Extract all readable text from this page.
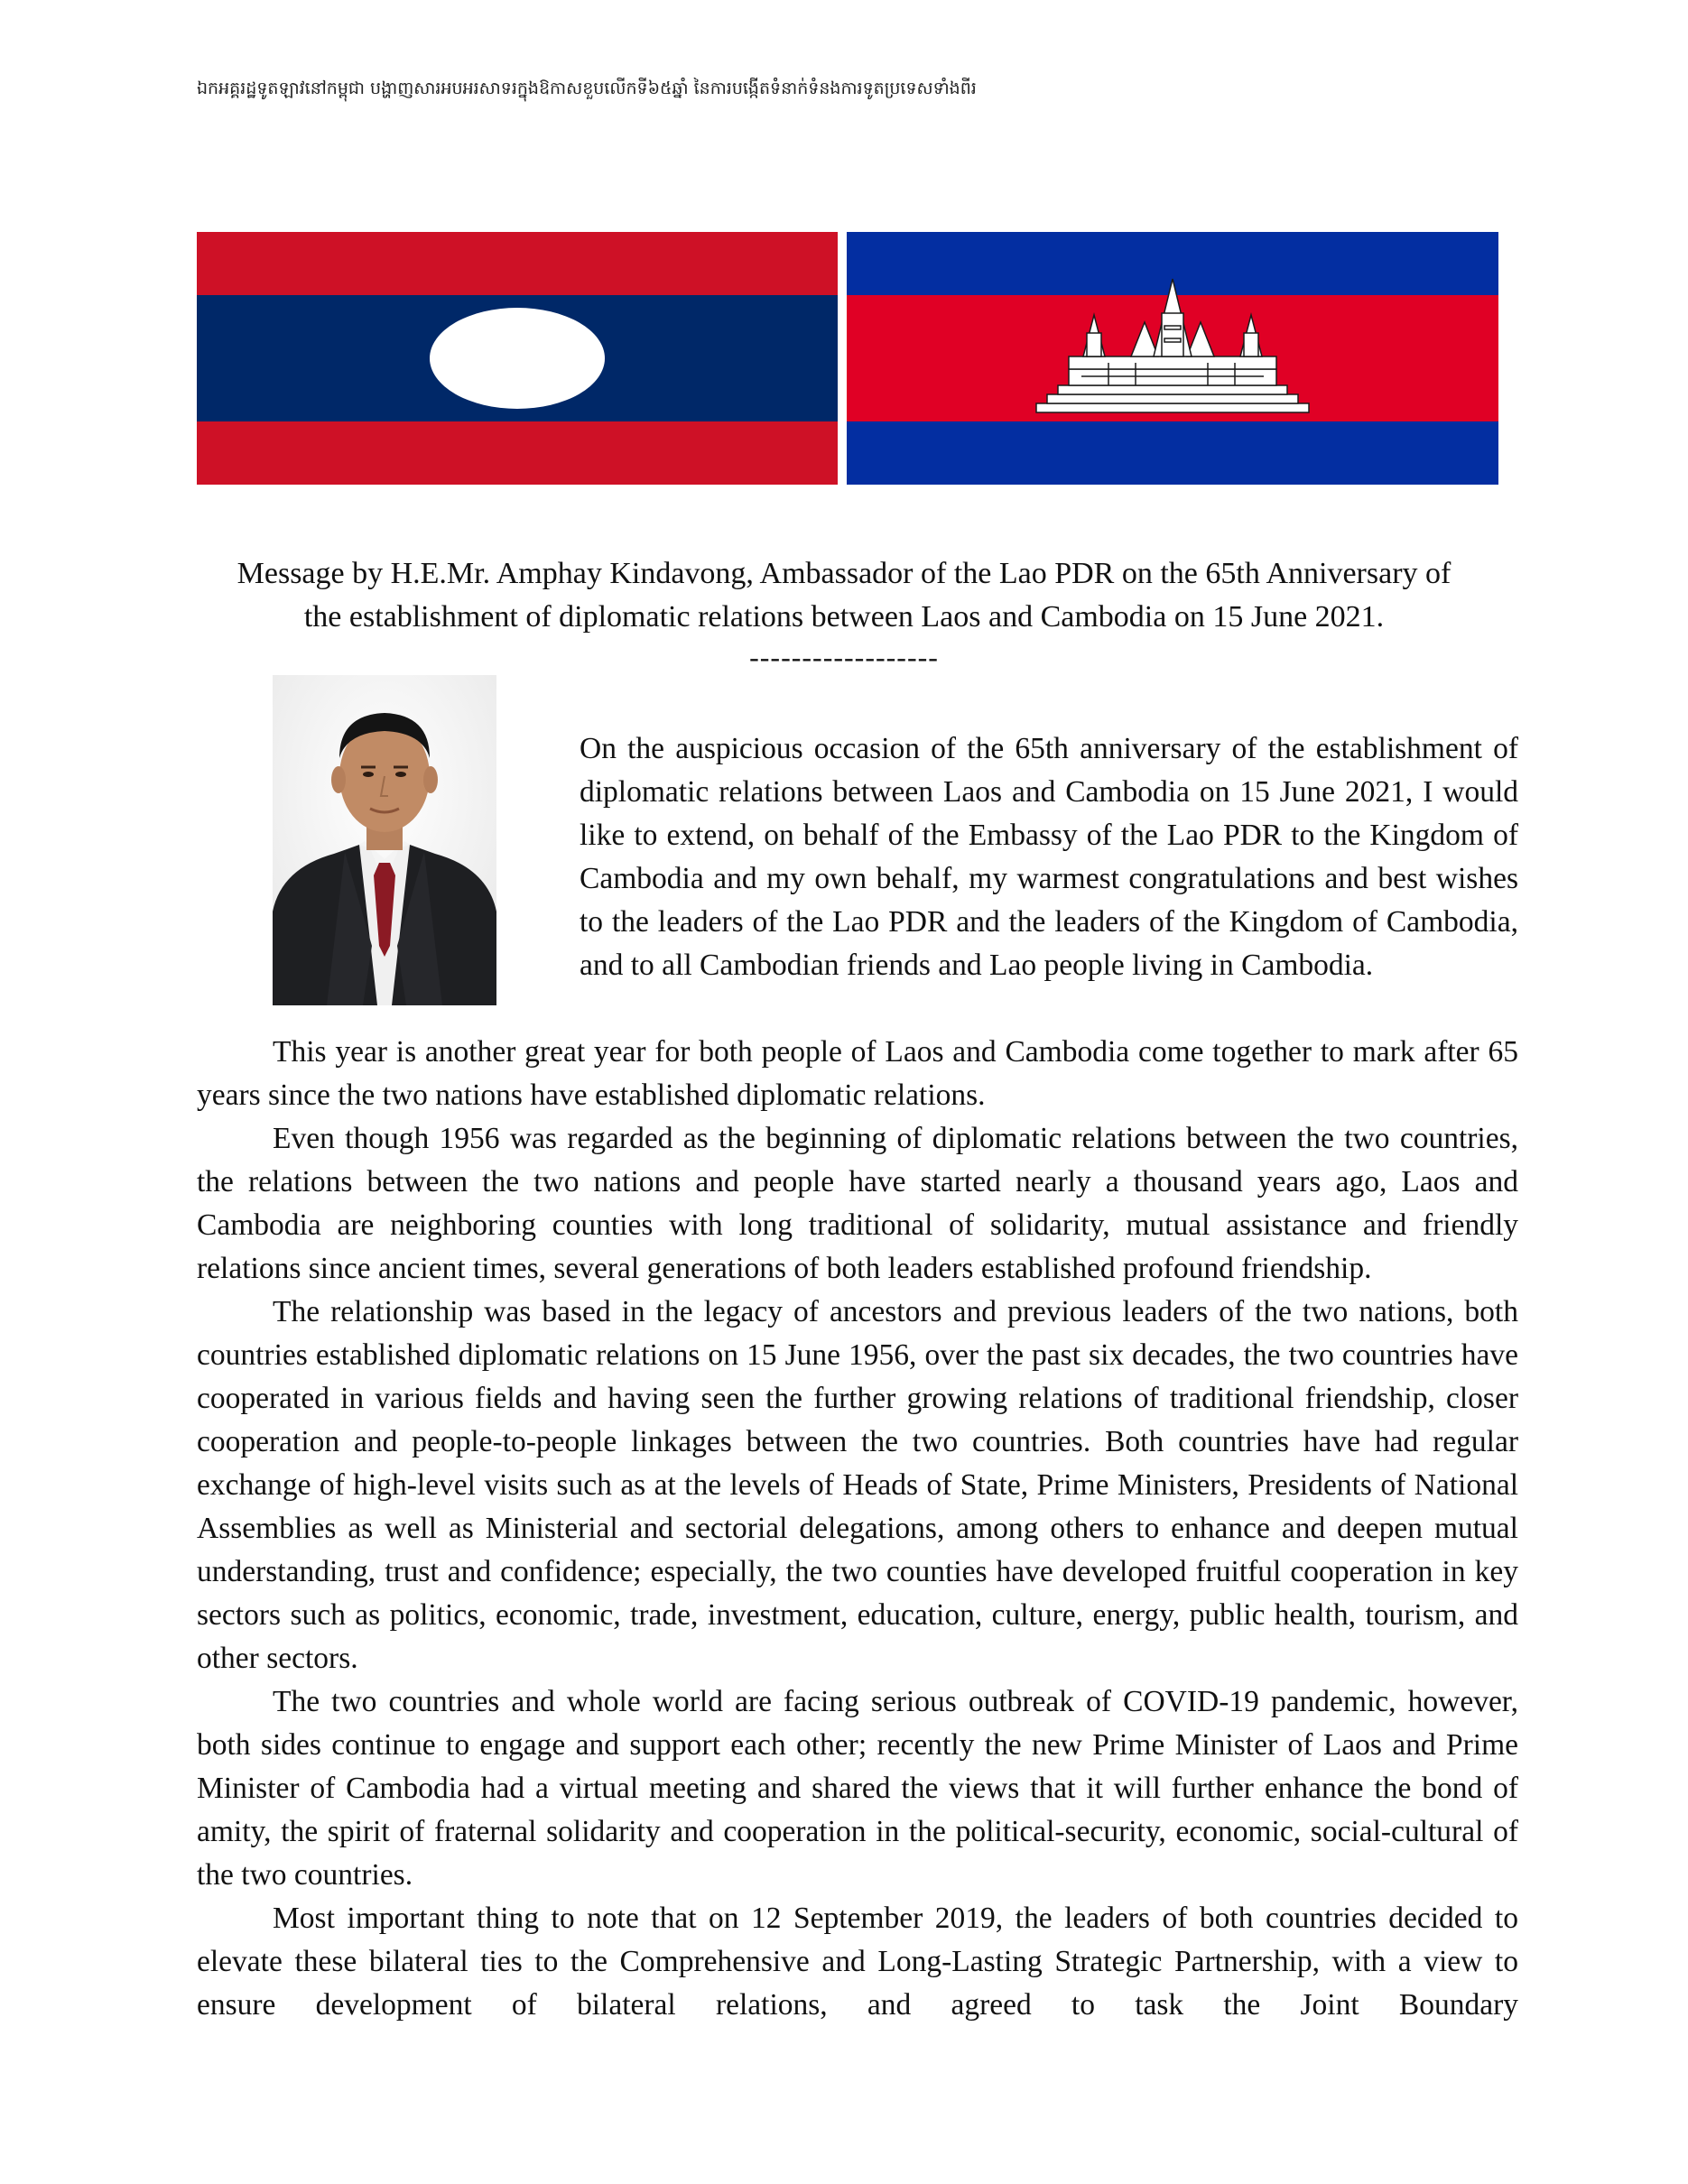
ឯកអគ្គរដ្ឋទូតឡាវនៅកម្ពុជា បង្ហាញសារអបអរសាទរក្នុងឱកាសខួបលើកទី៦៥ឆ្នាំ នៃការបង្កើតទំនាក់ទំនងការទូតប្រទេសទាំងពីរ
Message by H.E.Mr. Amphay Kindavong, Ambassador of the Lao PDR on the 65th Anniversary of
the establishment of diplomatic relations between Laos and Cambodia on 15 June 2021.
------------------

On the auspicious occasion of the 65th anniversary of the establishment of diplomatic relations between Laos and Cambodia on 15 June 2021, I would like to extend, on behalf of the Embassy of the Lao PDR to the Kingdom of Cambodia and my own behalf, my warmest congratulations and best wishes to the leaders of the Lao PDR and the leaders of the Kingdom of Cambodia, and to all Cambodian friends and Lao people living in Cambodia.

This year is another great year for both people of Laos and Cambodia come together to mark after 65 years since the two nations have established diplomatic relations.

Even though 1956 was regarded as the beginning of diplomatic relations between the two countries, the relations between the two nations and people have started nearly a thousand years ago, Laos and Cambodia are neighboring counties with long traditional of solidarity, mutual assistance and friendly relations since ancient times, several generations of both leaders established profound friendship.

The relationship was based in the legacy of ancestors and previous leaders of the two nations, both countries established diplomatic relations on 15 June 1956, over the past six decades, the two countries have cooperated in various fields and having seen the further growing relations of traditional friendship, closer cooperation and people-to-people linkages between the two countries. Both countries have had regular exchange of high-level visits such as at the levels of Heads of State, Prime Ministers, Presidents of National Assemblies as well as Ministerial and sectorial delegations, among others to enhance and deepen mutual understanding, trust and confidence; especially, the two counties have developed fruitful cooperation in key sectors such as politics, economic, trade, investment, education, culture, energy, public health, tourism, and other sectors.

The two countries and whole world are facing serious outbreak of COVID-19 pandemic, however, both sides continue to engage and support each other; recently the new Prime Minister of Laos and Prime Minister of Cambodia had a virtual meeting and shared the views that it will further enhance the bond of amity, the spirit of fraternal solidarity and cooperation in the political-security, economic, social-cultural of the two countries.

Most important thing to note that on 12 September 2019, the leaders of both countries decided to elevate these bilateral ties to the Comprehensive and Long-Lasting Strategic Partnership, with a view to ensure development of bilateral relations, and agreed to task the Joint Boundary
